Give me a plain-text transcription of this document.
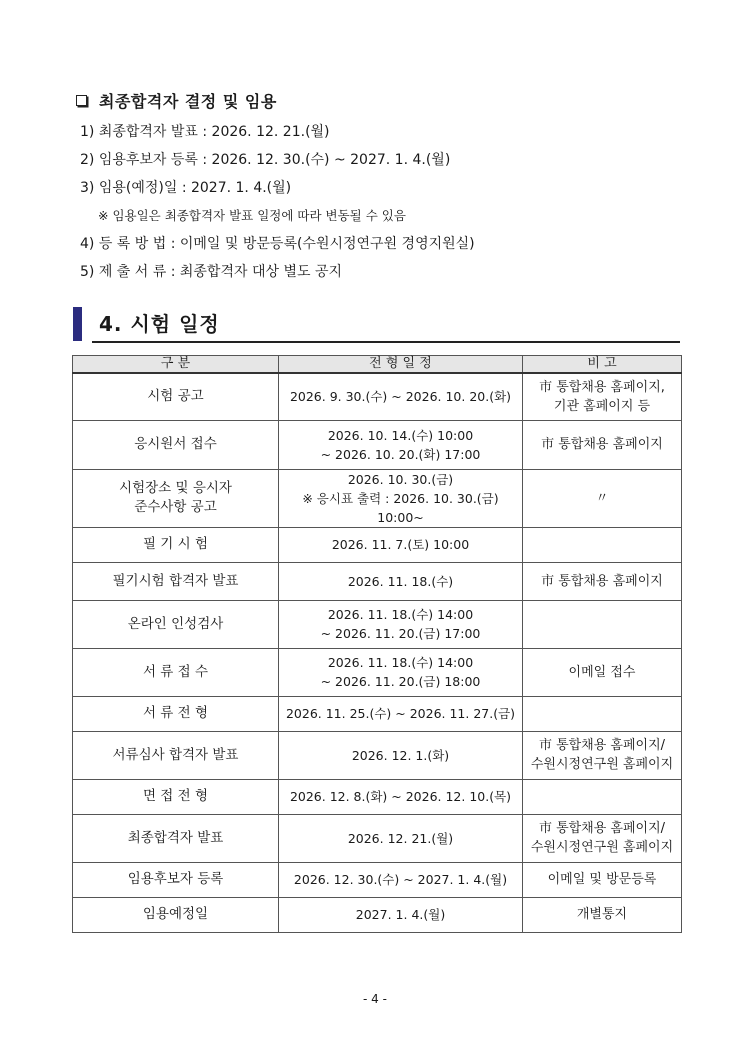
최종합격자 결정 및 임용
1) 최종합격자 발표 : 2026. 12. 21.(월)
2) 임용후보자 등록 : 2026. 12. 30.(수) ~ 2027. 1. 4.(월)
3) 임용(예정)일 : 2027. 1. 4.(월)
※ 임용일은 최종합격자 발표 일정에 따라 변동될 수 있음
4) 등 록 방 법 : 이메일 및 방문등록(수원시정연구원 경영지원실)
5) 제 출 서 류 : 최종합격자 대상 별도 공지
4. 시험 일정
구 분	전 형 일 정	비 고
시험 공고	2026. 9. 30.(수) ~ 2026. 10. 20.(화)	市 통합채용 홈페이지,
기관 홈페이지 등

응시원서 접수	2026. 10. 14.(수) 10:00
~ 2026. 10. 20.(화) 17:00	市 통합채용 홈페이지

시험장소 및 응시자
준수사항 공고	2026. 10. 30.(금)
※ 응시표 출력 : 2026. 10. 30.(금) 10:00~	〃

필 기 시 험	2026. 11. 7.(토) 10:00	

필기시험 합격자 발표	2026. 11. 18.(수)	市 통합채용 홈페이지

온라인 인성검사	2026. 11. 18.(수) 14:00
~ 2026. 11. 20.(금) 17:00	

서 류 접 수	2026. 11. 18.(수) 14:00
~ 2026. 11. 20.(금) 18:00	이메일 접수

서 류 전 형	2026. 11. 25.(수) ~ 2026. 11. 27.(금)	

서류심사 합격자 발표	2026. 12. 1.(화)	市 통합채용 홈페이지/
수원시정연구원 홈페이지

면 접 전 형	2026. 12. 8.(화) ~ 2026. 12. 10.(목)	

최종합격자 발표	2026. 12. 21.(월)	市 통합채용 홈페이지/
수원시정연구원 홈페이지

임용후보자 등록	2026. 12. 30.(수) ~ 2027. 1. 4.(월)	이메일 및 방문등록

임용예정일	2027. 1. 4.(월)	개별통지
- 4 -
